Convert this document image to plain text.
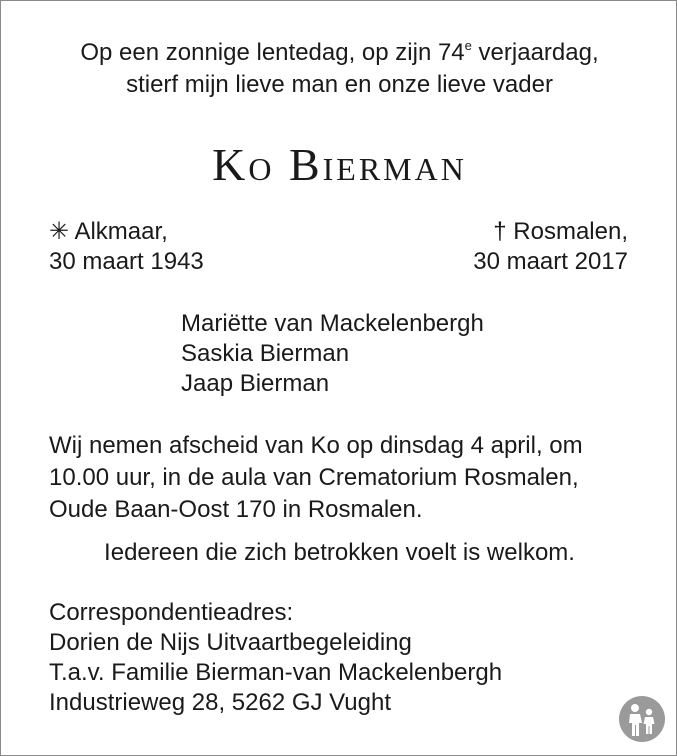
Op een zonnige lentedag, op zijn 74e verjaardag,
stierf mijn lieve man en onze lieve vader
Ko Bierman
✳ Alkmaar,
30 maart 1943
† Rosmalen,
30 maart 2017
Mariëtte van Mackelenbergh
Saskia Bierman
Jaap Bierman
Wij nemen afscheid van Ko op dinsdag 4 april, om
10.00 uur, in de aula van Crematorium Rosmalen,
Oude Baan-Oost 170 in Rosmalen.
Iedereen die zich betrokken voelt is welkom.
Correspondentieadres:
Dorien de Nijs Uitvaartbegeleiding
T.a.v. Familie Bierman-van Mackelenbergh
Industrieweg 28, 5262 GJ Vught
